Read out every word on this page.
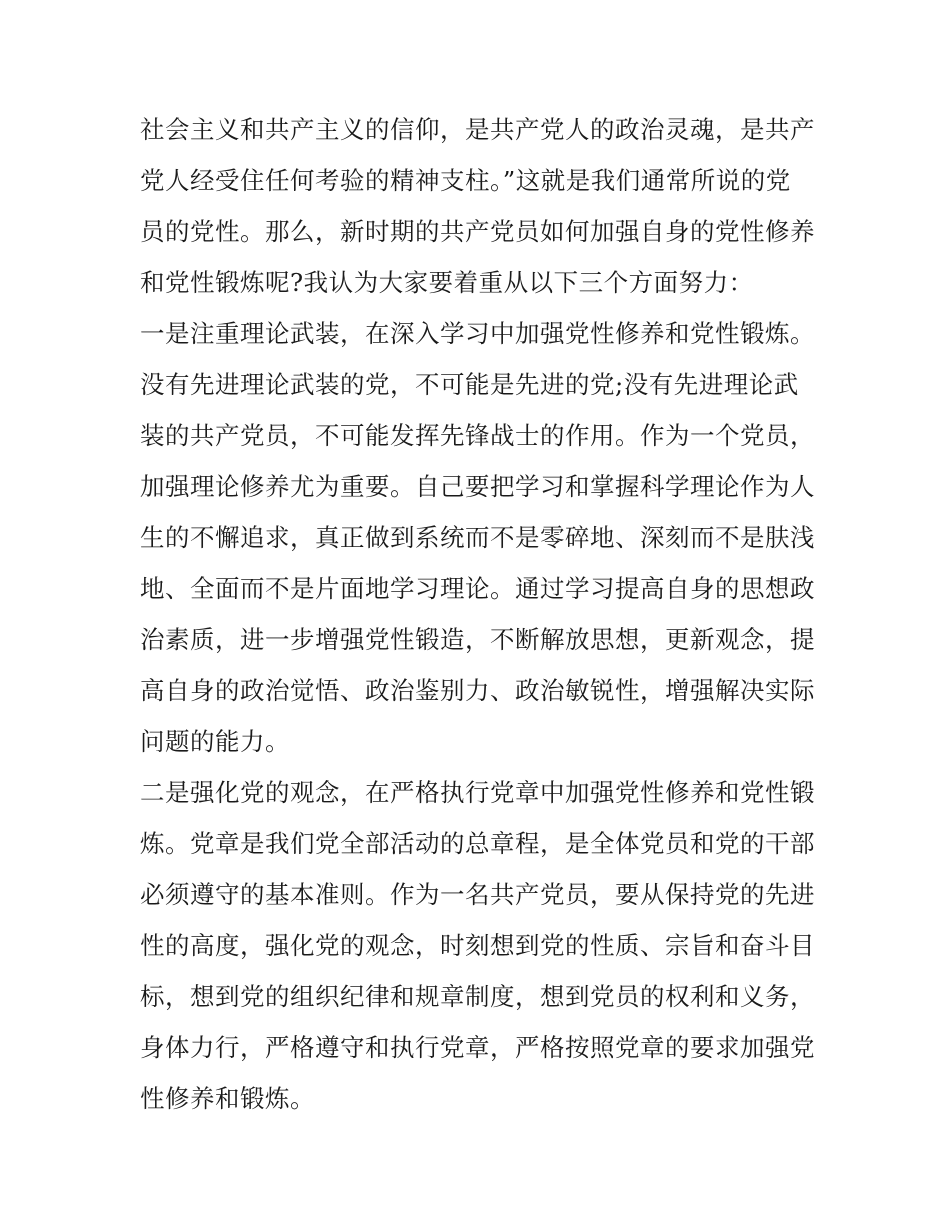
社会主义和共产主义的信仰，是共产党人的政治灵魂，是共产
党人经受住任何考验的精神支柱。”这就是我们通常所说的党
员的党性。那么，新时期的共产党员如何加强自身的党性修养
和党性锻炼呢?我认为大家要着重从以下三个方面努力：
一是注重理论武装，在深入学习中加强党性修养和党性锻炼。
没有先进理论武装的党，不可能是先进的党;没有先进理论武
装的共产党员，不可能发挥先锋战士的作用。作为一个党员，
加强理论修养尤为重要。自己要把学习和掌握科学理论作为人
生的不懈追求，真正做到系统而不是零碎地、深刻而不是肤浅
地、全面而不是片面地学习理论。通过学习提高自身的思想政
治素质，进一步增强党性锻造，不断解放思想，更新观念，提
高自身的政治觉悟、政治鉴别力、政治敏锐性，增强解决实际
问题的能力。
二是强化党的观念，在严格执行党章中加强党性修养和党性锻
炼。党章是我们党全部活动的总章程，是全体党员和党的干部
必须遵守的基本准则。作为一名共产党员，要从保持党的先进
性的高度，强化党的观念，时刻想到党的性质、宗旨和奋斗目
标，想到党的组织纪律和规章制度，想到党员的权利和义务，
身体力行，严格遵守和执行党章，严格按照党章的要求加强党
性修养和锻炼。
